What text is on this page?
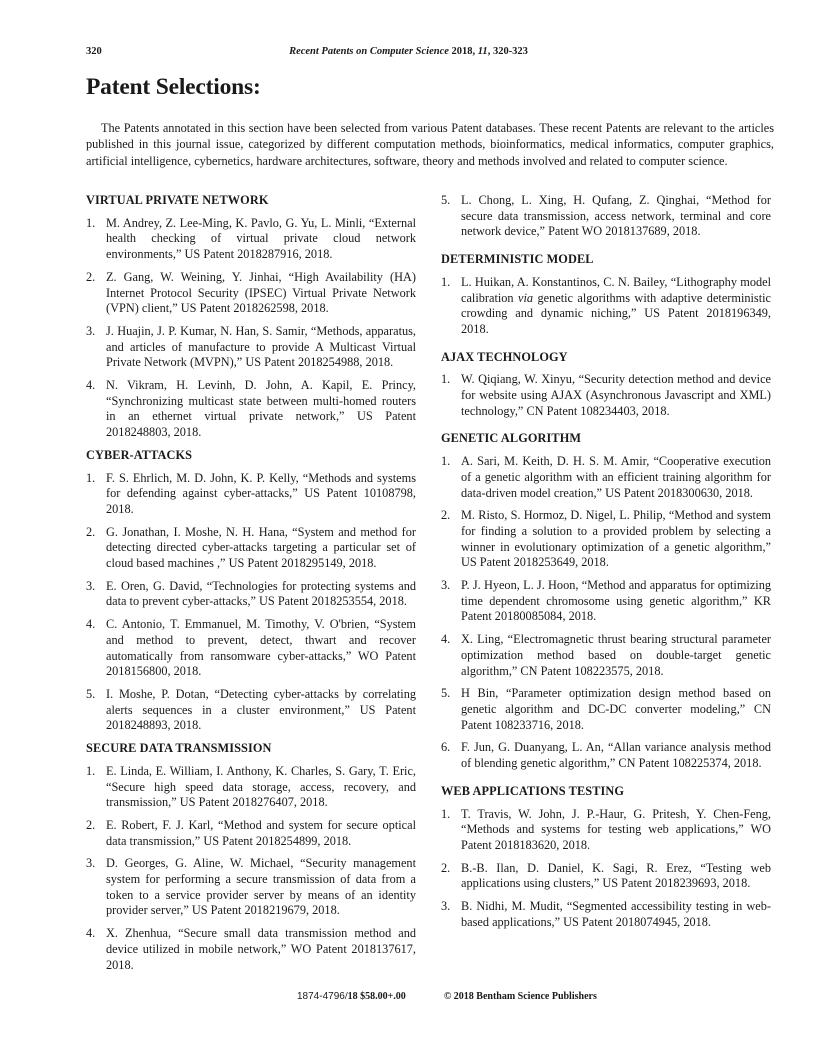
320	Recent Patents on Computer Science 2018, 11, 320-323
Patent Selections:

The Patents annotated in this section have been selected from various Patent databases. These recent Patents are relevant to the articles published in this journal issue, categorized by different computation methods, bioinformatics, medical informatics, computer graphics, artificial intelligence, cybernetics, hardware architectures, software, theory and methods involved and related to computer science.

VIRTUAL PRIVATE NETWORK
1. M. Andrey, Z. Lee-Ming, K. Pavlo, G. Yu, L. Minli, “External health checking of virtual private cloud network environments,” US Patent 2018287916, 2018.
2. Z. Gang, W. Weining, Y. Jinhai, “High Availability (HA) Internet Protocol Security (IPSEC) Virtual Private Network (VPN) client,” US Patent 2018262598, 2018.
3. J. Huajin, J. P. Kumar, N. Han, S. Samir, “Methods, apparatus, and articles of manufacture to provide A Multicast Virtual Private Network (MVPN),” US Patent 2018254988, 2018.
4. N. Vikram, H. Levinh, D. John, A. Kapil, E. Princy, “Synchronizing multicast state between multi-homed routers in an ethernet virtual private network,” US Patent 2018248803, 2018.
CYBER-ATTACKS
1. F. S. Ehrlich, M. D. John, K. P. Kelly, “Methods and systems for defending against cyber-attacks,” US Patent 10108798, 2018.
2. G. Jonathan, I. Moshe, N. H. Hana, “System and method for detecting directed cyber-attacks targeting a particular set of cloud based machines ,” US Patent 2018295149, 2018.
3. E. Oren, G. David, “Technologies for protecting systems and data to prevent cyber-attacks,” US Patent 2018253554, 2018.
4. C. Antonio, T. Emmanuel, M. Timothy, V. O'brien, “System and method to prevent, detect, thwart and recover automatically from ransomware cyber-attacks,” WO Patent 2018156800, 2018.
5. I. Moshe, P. Dotan, “Detecting cyber-attacks by correlating alerts sequences in a cluster environment,” US Patent 2018248893, 2018.
SECURE DATA TRANSMISSION
1. E. Linda, E. William, I. Anthony, K. Charles, S. Gary, T. Eric, “Secure high speed data storage, access, recovery, and transmission,” US Patent 2018276407, 2018.
2. E. Robert, F. J. Karl, “Method and system for secure optical data transmission,” US Patent 2018254899, 2018.
3. D. Georges, G. Aline, W. Michael, “Security management system for performing a secure transmission of data from a token to a service provider server by means of an identity provider server,” US Patent 2018219679, 2018.
4. X. Zhenhua, “Secure small data transmission method and device utilized in mobile network,” WO Patent 2018137617, 2018.
5. L. Chong, L. Xing, H. Qufang, Z. Qinghai, “Method for secure data transmission, access network, terminal and core network device,” Patent WO 2018137689, 2018.
DETERMINISTIC MODEL
1. L. Huikan, A. Konstantinos, C. N. Bailey, “Lithography model calibration via genetic algorithms with adaptive deterministic crowding and dynamic niching,” US Patent 2018196349, 2018.
AJAX TECHNOLOGY
1. W. Qiqiang, W. Xinyu, “Security detection method and device for website using AJAX (Asynchronous Javascript and XML) technology,” CN Patent 108234403, 2018.
GENETIC ALGORITHM
1. A. Sari, M. Keith, D. H. S. M. Amir, “Cooperative execution of a genetic algorithm with an efficient training algorithm for data-driven model creation,” US Patent 2018300630, 2018.
2. M. Risto, S. Hormoz, D. Nigel, L. Philip, “Method and system for finding a solution to a provided problem by selecting a winner in evolutionary optimization of a genetic algorithm,” US Patent 2018253649, 2018.
3. P. J. Hyeon, L. J. Hoon, “Method and apparatus for optimizing time dependent chromosome using genetic algorithm,” KR Patent 20180085084, 2018.
4. X. Ling, “Electromagnetic thrust bearing structural parameter optimization method based on double-target genetic algorithm,” CN Patent 108223575, 2018.
5. H Bin, “Parameter optimization design method based on genetic algorithm and DC-DC converter modeling,” CN Patent 108233716, 2018.
6. F. Jun, G. Duanyang, L. An, “Allan variance analysis method of blending genetic algorithm,” CN Patent 108225374, 2018.
WEB APPLICATIONS TESTING
1. T. Travis, W. John, J. P.-Haur, G. Pritesh, Y. Chen-Feng, “Methods and systems for testing web applications,” WO Patent 2018183620, 2018.
2. B.-B. Ilan, D. Daniel, K. Sagi, R. Erez, “Testing web applications using clusters,” US Patent 2018239693, 2018.
3. B. Nidhi, M. Mudit, “Segmented accessibility testing in web-based applications,” US Patent 2018074945, 2018.
1874-4796/18 $58.00+.00	© 2018 Bentham Science Publishers
